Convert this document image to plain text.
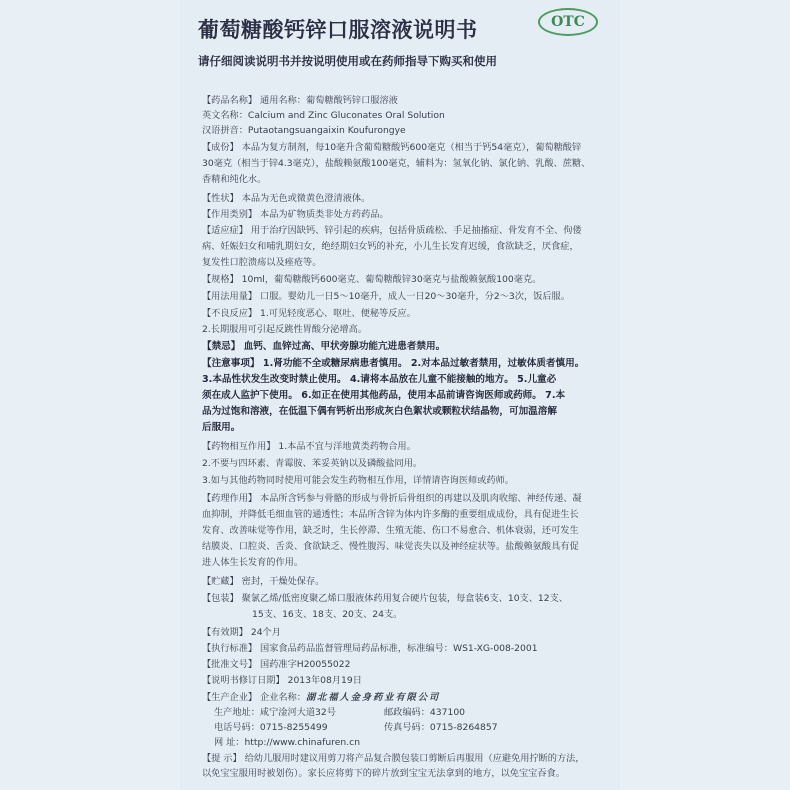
葡萄糖酸钙锌口服溶液说明书	OTC
请仔细阅读说明书并按说明使用或在药师指导下购买和使用
【药品名称】 通用名称：葡萄糖酸钙锌口服溶液
英文名称：Calcium and Zinc Gluconates Oral Solution
汉语拼音：Putaotangsuangaixin Koufurongye
【成份】 本品为复方制剂，每10毫升含葡萄糖酸钙600毫克（相当于钙54毫克），葡萄糖酸锌
30毫克（相当于锌4.3毫克），盐酸赖氨酸100毫克，辅料为：氢氧化钠、氯化钠、乳酸、蔗糖、
香精和纯化水。
【性状】 本品为无色或微黄色澄清液体。
【作用类别】 本品为矿物质类非处方药药品。
【适应症】 用于治疗因缺钙、锌引起的疾病，包括骨质疏松、手足抽搐症、骨发育不全、佝偻
病、妊娠妇女和哺乳期妇女，绝经期妇女钙的补充，小儿生长发育迟缓，食欲缺乏，厌食症，
复发性口腔溃疡以及痤疮等。
【规格】 10ml，葡萄糖酸钙600毫克、葡萄糖酸锌30毫克与盐酸赖氨酸100毫克。
【用法用量】 口服。婴幼儿一日5～10毫升，成人一日20～30毫升，分2～3次，饭后服。
【不良反应】 1.可见轻度恶心、呕吐、便秘等反应。
2.长期服用可引起反跳性胃酸分泌增高。
【禁忌】 血钙、血锌过高、甲状旁腺功能亢进患者禁用。
【注意事项】 1.肾功能不全或糖尿病患者慎用。 2.对本品过敏者禁用，过敏体质者慎用。
3.本品性状发生改变时禁止使用。 4.请将本品放在儿童不能接触的地方。 5.儿童必
须在成人监护下使用。 6.如正在使用其他药品，使用本品前请咨询医师或药师。 7.本
品为过饱和溶液，在低温下偶有钙析出形成灰白色絮状或颗粒状结晶物，可加温溶解
后服用。
【药物相互作用】 1.本品不宜与洋地黄类药物合用。
2.不要与四环素、青霉胺、苯妥英钠以及磷酸盐同用。
3.如与其他药物同时使用可能会发生药物相互作用，详情请咨询医师或药师。
【药理作用】 本品所含钙参与骨骼的形成与骨折后骨组织的再建以及肌肉收缩、神经传递、凝
血抑制，并降低毛细血管的通透性；本品所含锌为体内许多酶的重要组成成份，具有促进生长
发育、改善味觉等作用，缺乏时，生长停滞、生殖无能、伤口不易愈合、机体衰弱，还可发生
结膜炎、口腔炎、舌炎、食欲缺乏、慢性腹泻、味觉丧失以及神经症状等。盐酸赖氨酸具有促
进人体生长发育的作用。
【贮藏】 密封，干燥处保存。
【包装】 聚氯乙烯/低密度聚乙烯口服液体药用复合硬片包装，每盒装6支、10支、12支、
15支、16支、18支、20支、24支。
【有效期】 24个月
【执行标准】 国家食品药品监督管理局药品标准，标准编号：WS1-XG-008-2001
【批准文号】 国药准字H20055022
【说明书修订日期】 2013年08月19日
【生产企业】 企业名称： 湖北福人金身药业有限公司
生产地址：咸宁淦河大道32号	邮政编码：437100
电话号码：0715-8255499	传真号码：0715-8264857
网 址：http://www.chinafuren.cn
【提 示】 给幼儿服用时建议用剪刀将产品复合膜包装口剪断后再服用（应避免用拧断的方法，
以免宝宝服用时被划伤）。家长应将剪下的碎片放到宝宝无法拿到的地方，以免宝宝吞食。
